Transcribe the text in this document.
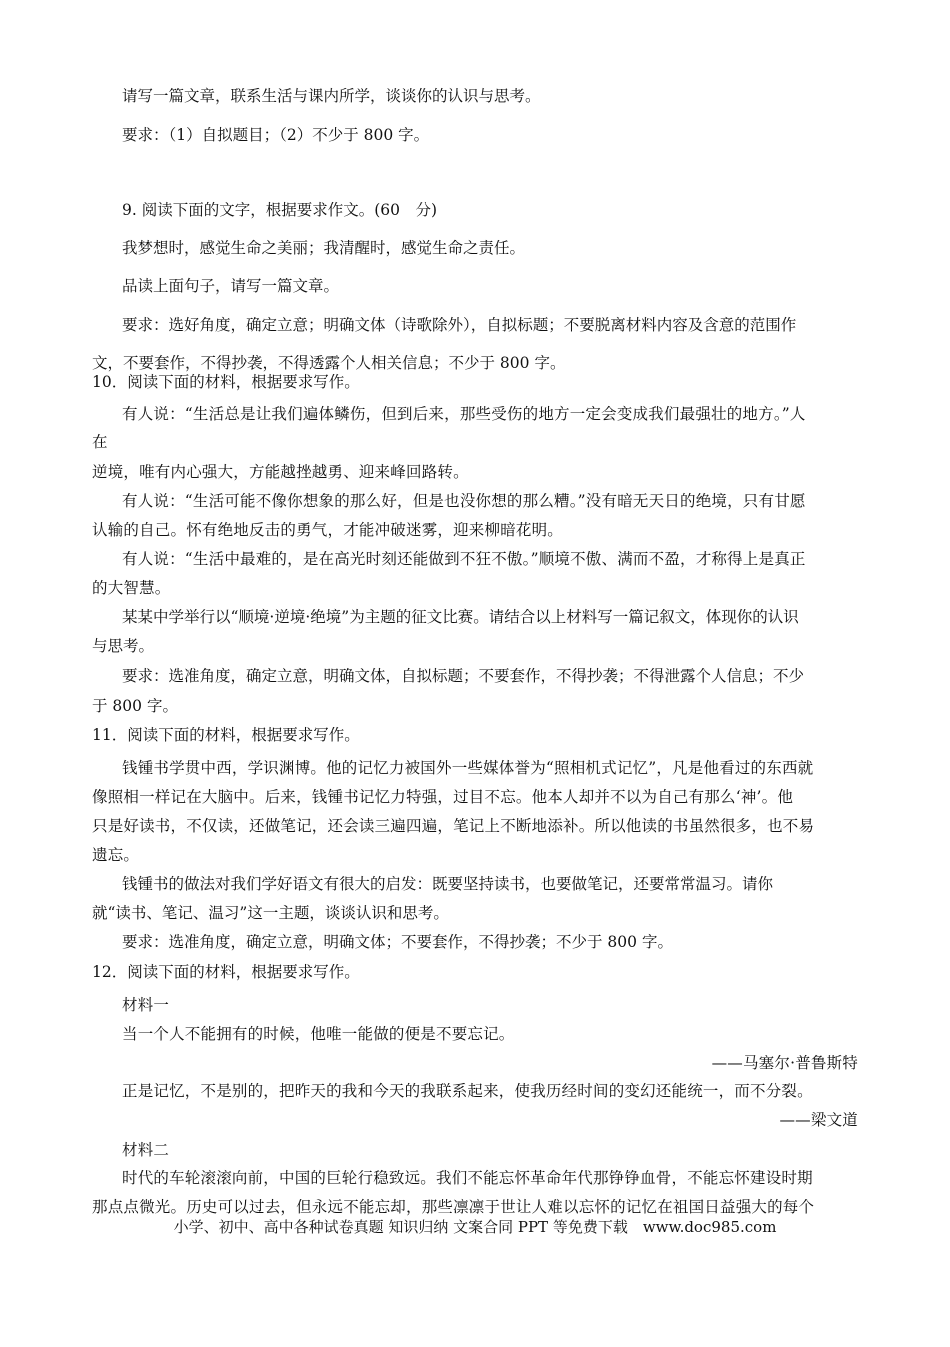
请写一篇文章，联系生活与课内所学，谈谈你的认识与思考。
要求：（1）自拟题目；（2）不少于 800 字。
9. 阅读下面的文字，根据要求作文。(60　分)
我梦想时，感觉生命之美丽；我清醒时，感觉生命之责任。
品读上面句子，请写一篇文章。
要求：选好角度，确定立意；明确文体（诗歌除外），自拟标题；不要脱离材料内容及含意的范围作
文，不要套作，不得抄袭，不得透露个人相关信息；不少于 800 字。
10．阅读下面的材料，根据要求写作。
有人说：“生活总是让我们遍体鳞伤，但到后来，那些受伤的地方一定会变成我们最强壮的地方。”人
在
逆境，唯有内心强大，方能越挫越勇、迎来峰回路转。
有人说：“生活可能不像你想象的那么好，但是也没你想的那么糟。”没有暗无天日的绝境，只有甘愿
认输的自己。怀有绝地反击的勇气，才能冲破迷雾，迎来柳暗花明。
有人说：“生活中最难的，是在高光时刻还能做到不狂不傲。”顺境不傲、满而不盈，才称得上是真正
的大智慧。
某某中学举行以“顺境·逆境·绝境”为主题的征文比赛。请结合以上材料写一篇记叙文，体现你的认识
与思考。
要求：选准角度，确定立意，明确文体，自拟标题；不要套作，不得抄袭；不得泄露个人信息；不少
于 800 字。
11．阅读下面的材料，根据要求写作。
钱锺书学贯中西，学识渊博。他的记忆力被国外一些媒体誉为“照相机式记忆”，凡是他看过的东西就
像照相一样记在大脑中。后来，钱锺书记忆力特强，过目不忘。他本人却并不以为自己有那么‘神’。他
只是好读书，不仅读，还做笔记，还会读三遍四遍，笔记上不断地添补。所以他读的书虽然很多，也不易
遗忘。
钱锺书的做法对我们学好语文有很大的启发：既要坚持读书，也要做笔记，还要常常温习。请你
就“读书、笔记、温习”这一主题，谈谈认识和思考。
要求：选准角度，确定立意，明确文体；不要套作，不得抄袭；不少于 800 字。
12．阅读下面的材料，根据要求写作。
材料一
当一个人不能拥有的时候，他唯一能做的便是不要忘记。
——马塞尔·普鲁斯特
正是记忆，不是别的，把昨天的我和今天的我联系起来，使我历经时间的变幻还能统一，而不分裂。
——梁文道
材料二
时代的车轮滚滚向前，中国的巨轮行稳致远。我们不能忘怀革命年代那铮铮血骨，不能忘怀建设时期
那点点微光。历史可以过去，但永远不能忘却，那些凛凛于世让人难以忘怀的记忆在祖国日益强大的每个
小学、初中、高中各种试卷真题 知识归纳 文案合同 PPT 等免费下载　www.doc985.com
